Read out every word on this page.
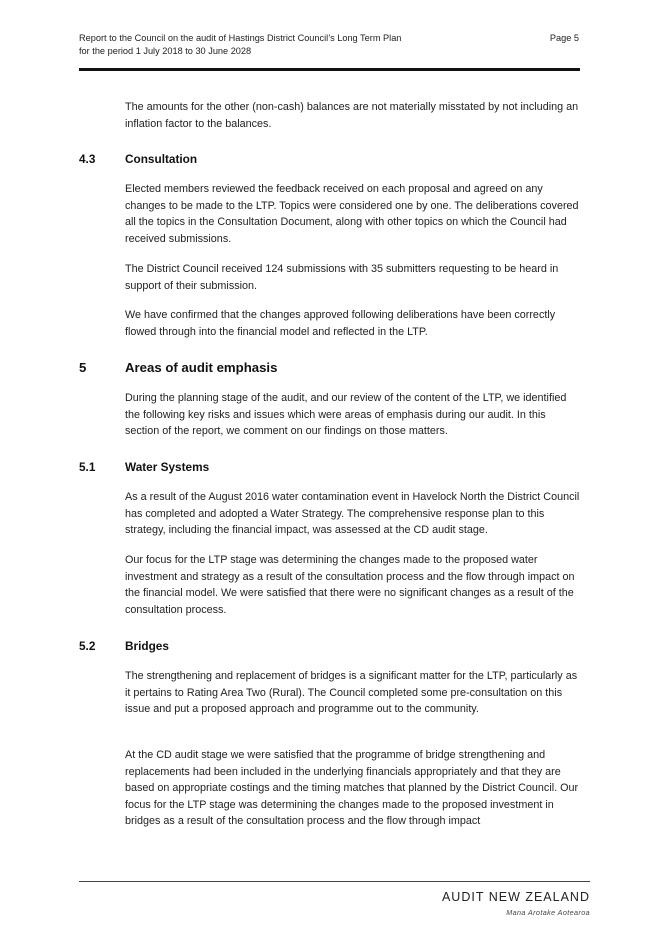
Report to the Council on the audit of Hastings District Council’s Long Term Plan
for the period 1 July 2018 to 30 June 2028
Page 5

The amounts for the other (non-cash) balances are not materially misstated by not including an inflation factor to the balances.

4.3	Consultation

Elected members reviewed the feedback received on each proposal and agreed on any changes to be made to the LTP. Topics were considered one by one. The deliberations covered all the topics in the Consultation Document, along with other topics on which the Council had received submissions.

The District Council received 124 submissions with 35 submitters requesting to be heard in support of their submission.

We have confirmed that the changes approved following deliberations have been correctly flowed through into the financial model and reflected in the LTP.

5	Areas of audit emphasis

During the planning stage of the audit, and our review of the content of the LTP, we identified the following key risks and issues which were areas of emphasis during our audit. In this section of the report, we comment on our findings on those matters.

5.1	Water Systems

As a result of the August 2016 water contamination event in Havelock North the District Council has completed and adopted a Water Strategy. The comprehensive response plan to this strategy, including the financial impact, was assessed at the CD audit stage.

Our focus for the LTP stage was determining the changes made to the proposed water investment and strategy as a result of the consultation process and the flow through impact on the financial model. We were satisfied that there were no significant changes as a result of the consultation process.

5.2	Bridges

The strengthening and replacement of bridges is a significant matter for the LTP, particularly as it pertains to Rating Area Two (Rural). The Council completed some pre-consultation on this issue and put a proposed approach and programme out to the community.

At the CD audit stage we were satisfied that the programme of bridge strengthening and replacements had been included in the underlying financials appropriately and that they are based on appropriate costings and the timing matches that planned by the District Council. Our focus for the LTP stage was determining the changes made to the proposed investment in bridges as a result of the consultation process and the flow through impact

AUDIT NEW ZEALAND
Mana Arotake Aotearoa
